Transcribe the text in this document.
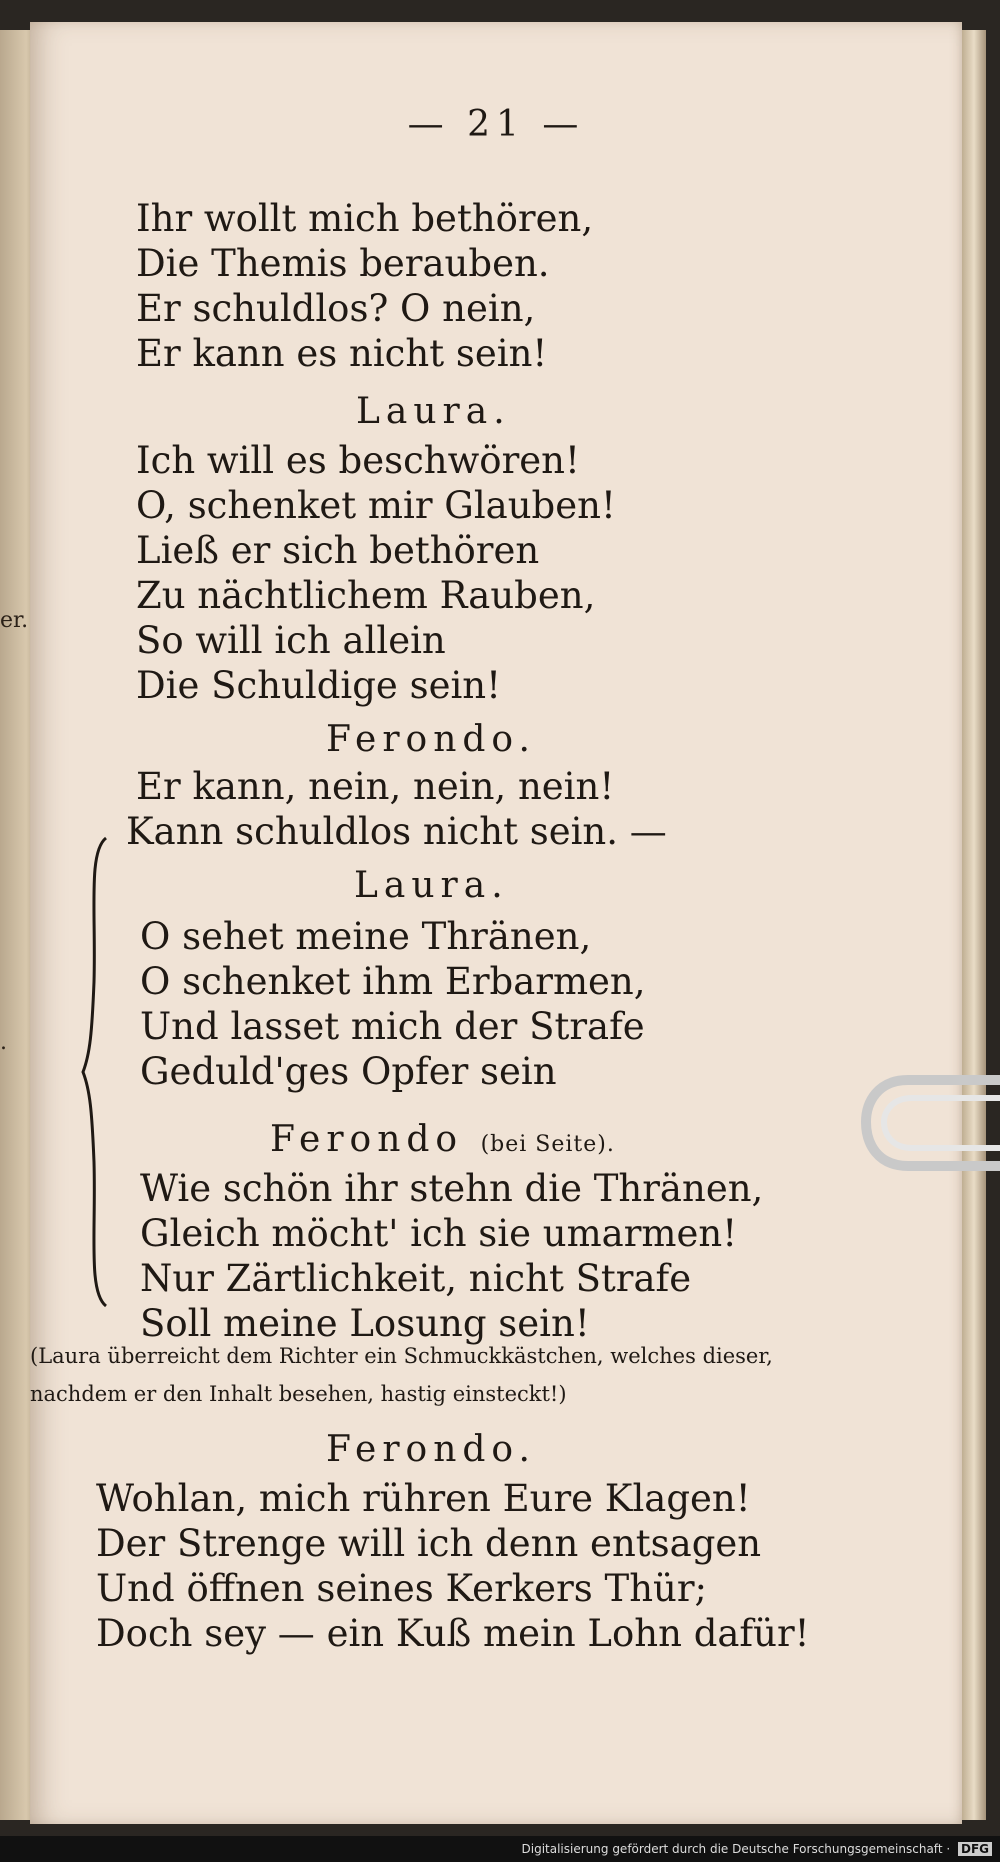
er.
.
— 21 —
Ihr wollt mich bethören,
Die Themis berauben.
Er schuldlos? O nein,
Er kann es nicht sein!
Laura.
Ich will es beschwören!
O, schenket mir Glauben!
Ließ er sich bethören
Zu nächtlichem Rauben,
So will ich allein
Die Schuldige sein!
Ferondo.
Er kann, nein, nein, nein!
Kann schuldlos nicht sein. —
Laura.
O sehet meine Thränen,
O schenket ihm Erbarmen,
Und lasset mich der Strafe
Geduld'ges Opfer sein
Ferondo (bei Seite).
Wie schön ihr stehn die Thränen,
Gleich möcht' ich sie umarmen!
Nur Zärtlichkeit, nicht Strafe
Soll meine Losung sein!
(Laura überreicht dem Richter ein Schmuckkästchen, welches dieser,
nachdem er den Inhalt besehen, hastig einsteckt!)
Ferondo.
Wohlan, mich rühren Eure Klagen!
Der Strenge will ich denn entsagen
Und öffnen seines Kerkers Thür;
Doch sey — ein Kuß mein Lohn dafür!
Digitalisierung gefördert durch die Deutsche Forschungsgemeinschaft · DFG
